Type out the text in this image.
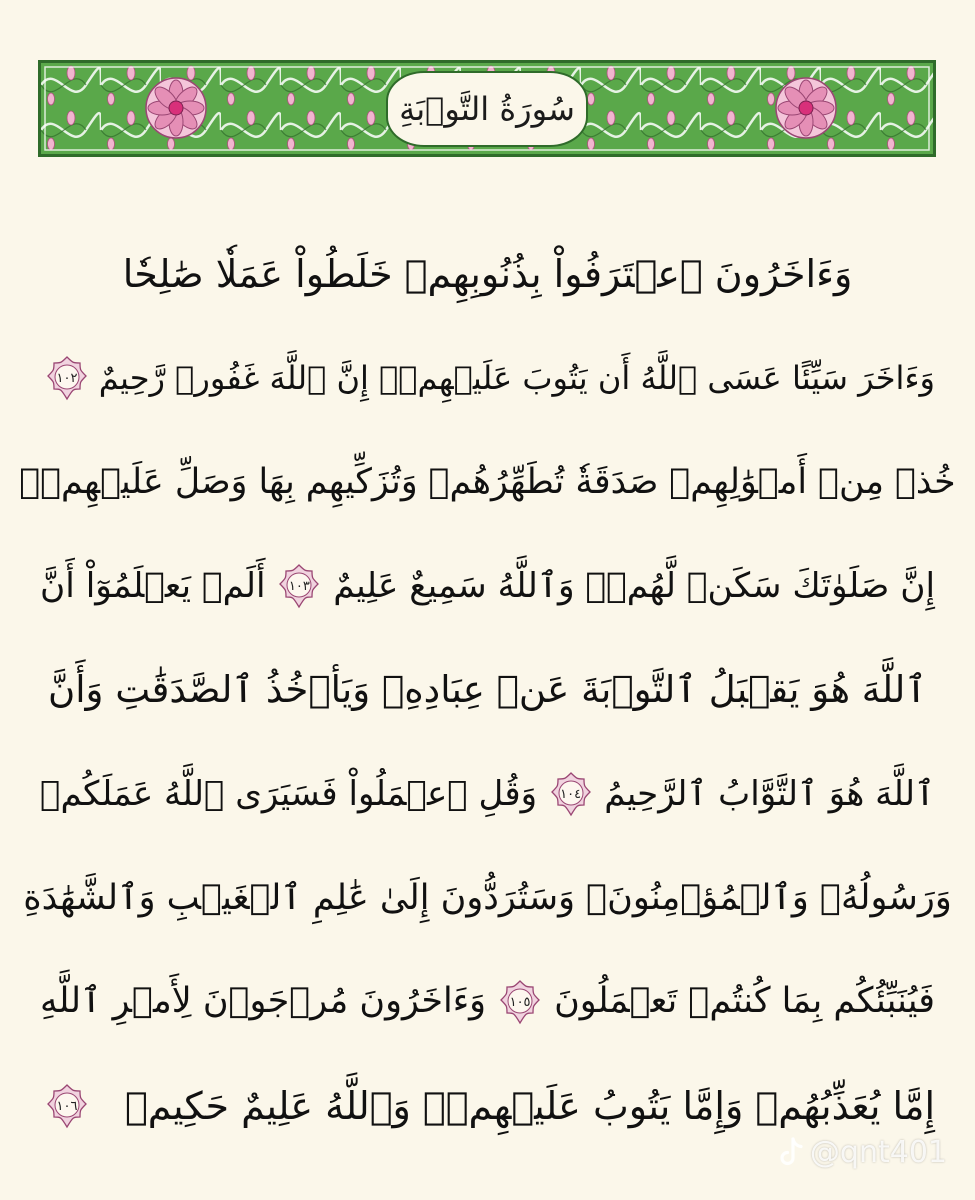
سُورَةُ التَّوۡبَةِ
وَءَاخَرُونَ ٱعۡتَرَفُواْ بِذُنُوبِهِمۡ خَلَطُواْ عَمَلٗا صَٰلِحٗا
وَءَاخَرَ سَيِّئًا عَسَى ٱللَّهُ أَن يَتُوبَ عَلَيۡهِمۡۚ إِنَّ ٱللَّهَ غَفُورٞ رَّحِيمٌ
١٠٢
خُذۡ مِنۡ أَمۡوَٰلِهِمۡ صَدَقَةٗ تُطَهِّرُهُمۡ وَتُزَكِّيهِم بِهَا وَصَلِّ عَلَيۡهِمۡۖ
إِنَّ صَلَوٰتَكَ سَكَنٞ لَّهُمۡۗ وَٱللَّهُ سَمِيعٌ عَلِيمٌ
١٠٣
أَلَمۡ يَعۡلَمُوٓاْ أَنَّ
ٱللَّهَ هُوَ يَقۡبَلُ ٱلتَّوۡبَةَ عَنۡ عِبَادِهِۦ وَيَأۡخُذُ ٱلصَّدَقَٰتِ وَأَنَّ
ٱللَّهَ هُوَ ٱلتَّوَّابُ ٱلرَّحِيمُ
١٠٤
وَقُلِ ٱعۡمَلُواْ فَسَيَرَى ٱللَّهُ عَمَلَكُمۡ
وَرَسُولُهُۥ وَٱلۡمُؤۡمِنُونَۖ وَسَتُرَدُّونَ إِلَىٰ عَٰلِمِ ٱلۡغَيۡبِ وَٱلشَّهَٰدَةِ
فَيُنَبِّئُكُم بِمَا كُنتُمۡ تَعۡمَلُونَ
١٠٥
وَءَاخَرُونَ مُرۡجَوۡنَ لِأَمۡرِ ٱللَّهِ
إِمَّا يُعَذِّبُهُمۡ وَإِمَّا يَتُوبُ عَلَيۡهِمۡۗ وَٱللَّهُ عَلِيمٌ حَكِيمٞ
١٠٦
@qnt401
